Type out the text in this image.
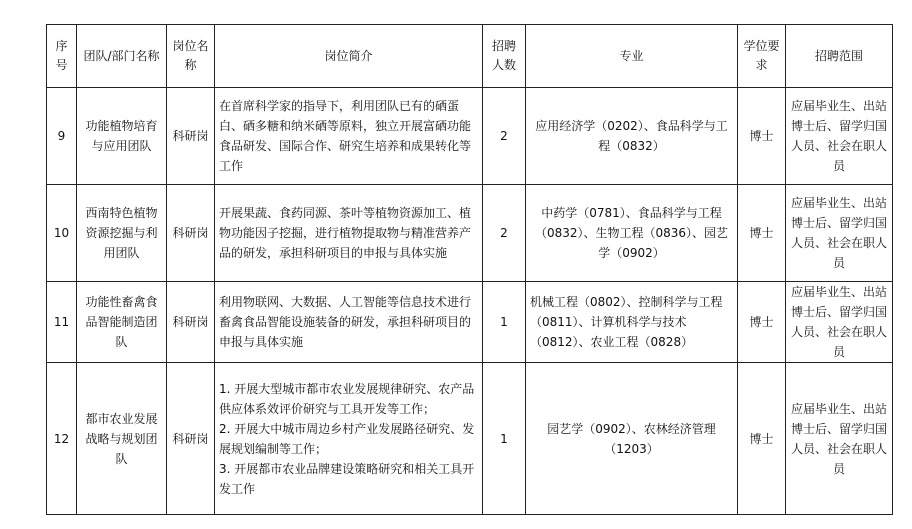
序号	团队/部门名称	岗位名称	岗位简介	招聘人数	专业	学位要求	招聘范围
9	功能植物培育与应用团队	科研岗	在首席科学家的指导下，利用团队已有的硒蛋白、硒多糖和纳米硒等原料，独立开展富硒功能食品研发、国际合作、研究生培养和成果转化等工作	2	应用经济学（0202）、食品科学与工程（0832）	博士	应届毕业生、出站博士后、留学归国人员、社会在职人员
10	西南特色植物资源挖掘与利用团队	科研岗	开展果蔬、食药同源、茶叶等植物资源加工、植物功能因子挖掘，进行植物提取物与精准营养产品的研发，承担科研项目的申报与具体实施	2	中药学（0781）、食品科学与工程（0832）、生物工程（0836）、园艺学（0902）	博士	应届毕业生、出站博士后、留学归国人员、社会在职人员
11	功能性畜禽食品智能制造团队	科研岗	利用物联网、大数据、人工智能等信息技术进行畜禽食品智能设施装备的研发，承担科研项目的申报与具体实施	1	机械工程（0802）、控制科学与工程（0811）、计算机科学与技术（0812）、农业工程（0828）	博士	应届毕业生、出站博士后、留学归国人员、社会在职人员
12	都市农业发展战略与规划团队	科研岗	1. 开展大型城市都市农业发展规律研究、农产品供应体系效评价研究与工具开发等工作；
2. 开展大中城市周边乡村产业发展路径研究、发展规划编制等工作；
3. 开展都市农业品牌建设策略研究和相关工具开发工作	1	园艺学（0902）、农林经济管理（1203）	博士	应届毕业生、出站博士后、留学归国人员、社会在职人员
